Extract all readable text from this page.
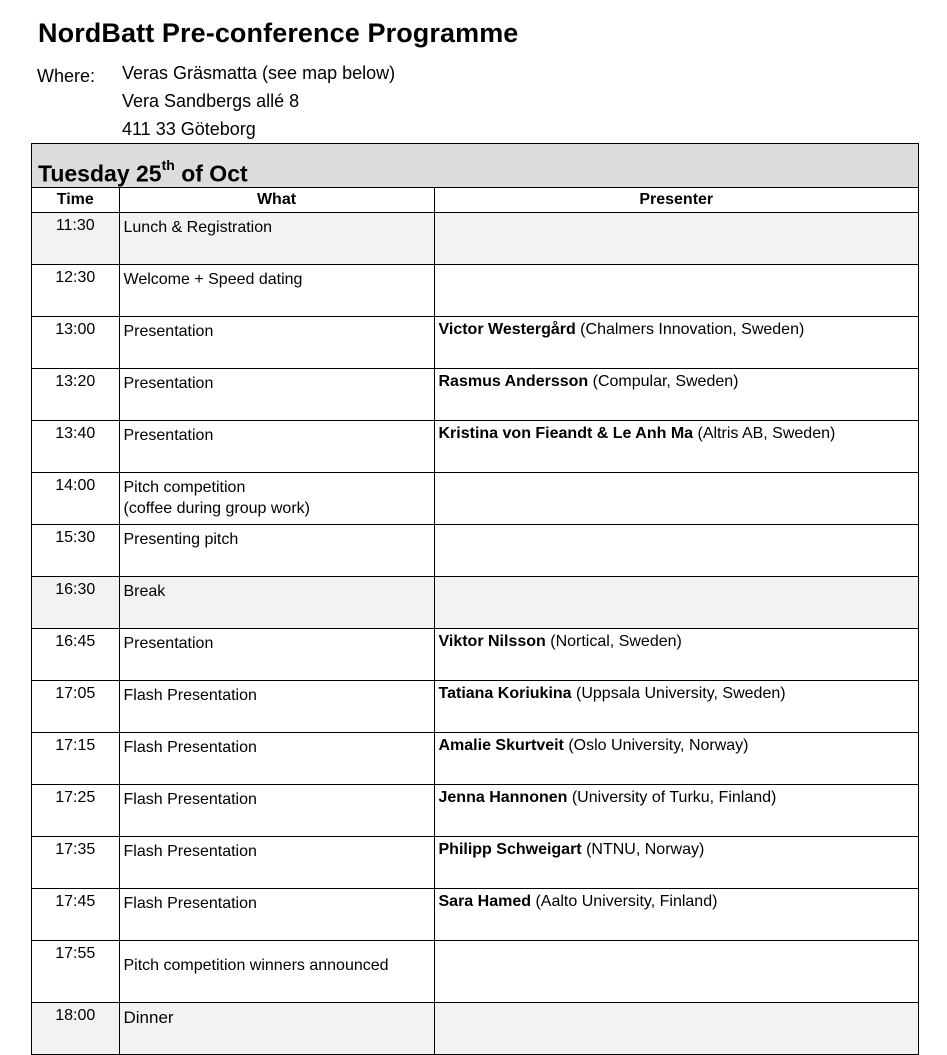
NordBatt Pre-conference Programme
Where: Veras Gräsmatta (see map below)
Vera Sandbergs allé 8
411 33 Göteborg
Tuesday 25th of Oct
Time	What	Presenter
11:30	Lunch & Registration	
12:30	Welcome + Speed dating	
13:00	Presentation	Victor Westergård (Chalmers Innovation, Sweden)
13:20	Presentation	Rasmus Andersson (Compular, Sweden)
13:40	Presentation	Kristina von Fieandt & Le Anh Ma (Altris AB, Sweden)
14:00	Pitch competition
(coffee during group work)	
15:30	Presenting pitch	
16:30	Break	
16:45	Presentation	Viktor Nilsson (Nortical, Sweden)
17:05	Flash Presentation	Tatiana Koriukina (Uppsala University, Sweden)
17:15	Flash Presentation	Amalie Skurtveit (Oslo University, Norway)
17:25	Flash Presentation	Jenna Hannonen (University of Turku, Finland)
17:35	Flash Presentation	Philipp Schweigart (NTNU, Norway)
17:45	Flash Presentation	Sara Hamed (Aalto University, Finland)
17:55	Pitch competition winners announced	
18:00	Dinner	
